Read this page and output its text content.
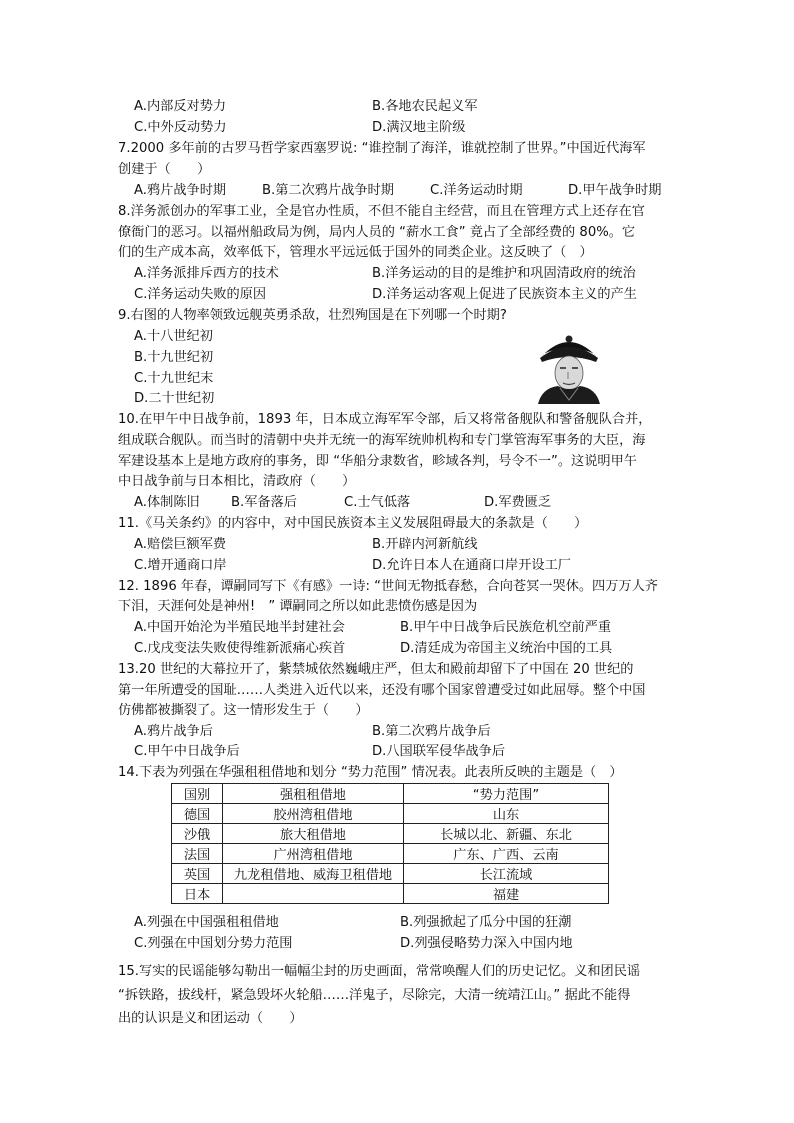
A.内部反对势力	B.各地农民起义军
C.中外反动势力	D.满汉地主阶级
7.2000 多年前的古罗马哲学家西塞罗说: “谁控制了海洋，谁就控制了世界。”中国近代海军
创建于（　　）
A.鸦片战争时期	B.第二次鸦片战争时期	C.洋务运动时期	D.甲午战争时期
8.洋务派创办的军事工业，全是官办性质，不但不能自主经营，而且在管理方式上还存在官
僚衙门的恶习。以福州船政局为例，局内人员的 “薪水工食” 竟占了全部经费的 80%。它
们的生产成本高，效率低下，管理水平远远低于国外的同类企业。这反映了（　）
A.洋务派排斥西方的技术	B.洋务运动的目的是维护和巩固清政府的统治
C.洋务运动失败的原因	D.洋务运动客观上促进了民族资本主义的产生
9.右图的人物率领致远舰英勇杀敌，壮烈殉国是在下列哪一个时期?
A.十八世纪初
B.十九世纪初
C.十九世纪末
D.二十世纪初
10.在甲午中日战争前，1893 年，日本成立海军军令部，后又将常备舰队和警备舰队合并，
组成联合舰队。而当时的清朝中央并无统一的海军统帅机构和专门掌管海军事务的大臣，海
军建设基本上是地方政府的事务，即 “华船分隶数省，畛域各判，号令不一”。这说明甲午
中日战争前与日本相比，清政府（　　）
A.体制陈旧 B.军备落后	C.士气低落	D.军费匮乏
11.《马关条约》的内容中，对中国民族资本主义发展阻碍最大的条款是（　　）
A.赔偿巨额军费	B.开辟内河新航线
C.增开通商口岸	D.允许日本人在通商口岸开设工厂
12. 1896 年春，谭嗣同写下《有感》一诗: “世间无物抵春愁，合向苍冥一哭休。四万万人齐
下泪，天涯何处是神州!　” 谭嗣同之所以如此悲愤伤感是因为
A.中国开始沦为半殖民地半封建社会	B.甲午中日战争后民族危机空前严重
C.戊戌变法失败使得维新派痛心疾首	D.清廷成为帝国主义统治中国的工具
13.20 世纪的大幕拉开了，紫禁城依然巍峨庄严，但太和殿前却留下了中国在 20 世纪的
第一年所遭受的国耻……人类进入近代以来，还没有哪个国家曾遭受过如此屈辱。整个中国
仿佛都被撕裂了。这一情形发生于（　　）
A.鸦片战争后	B.第二次鸦片战争后
C.甲午中日战争后	D.八国联军侵华战争后
14.下表为列强在华强租租借地和划分 “势力范围” 情况表。此表所反映的主题是（　）
国别	强租租借地	“势力范围”
德国	胶州湾租借地	山东
沙俄	旅大租借地	长城以北、新疆、东北
法国	广州湾租借地	广东、广西、云南
英国	九龙租借地、威海卫租借地	长江流域
日本		福建
A.列强在中国强租租借地	B.列强掀起了瓜分中国的狂潮
C.列强在中国划分势力范围	D.列强侵略势力深入中国内地
15.写实的民谣能够勾勒出一幅幅尘封的历史画面，常常唤醒人们的历史记忆。义和团民谣
“拆铁路，拔线杆，紧急毁坏火轮船……洋鬼子，尽除完，大清一统靖江山。” 据此不能得
出的认识是义和团运动（　　）
